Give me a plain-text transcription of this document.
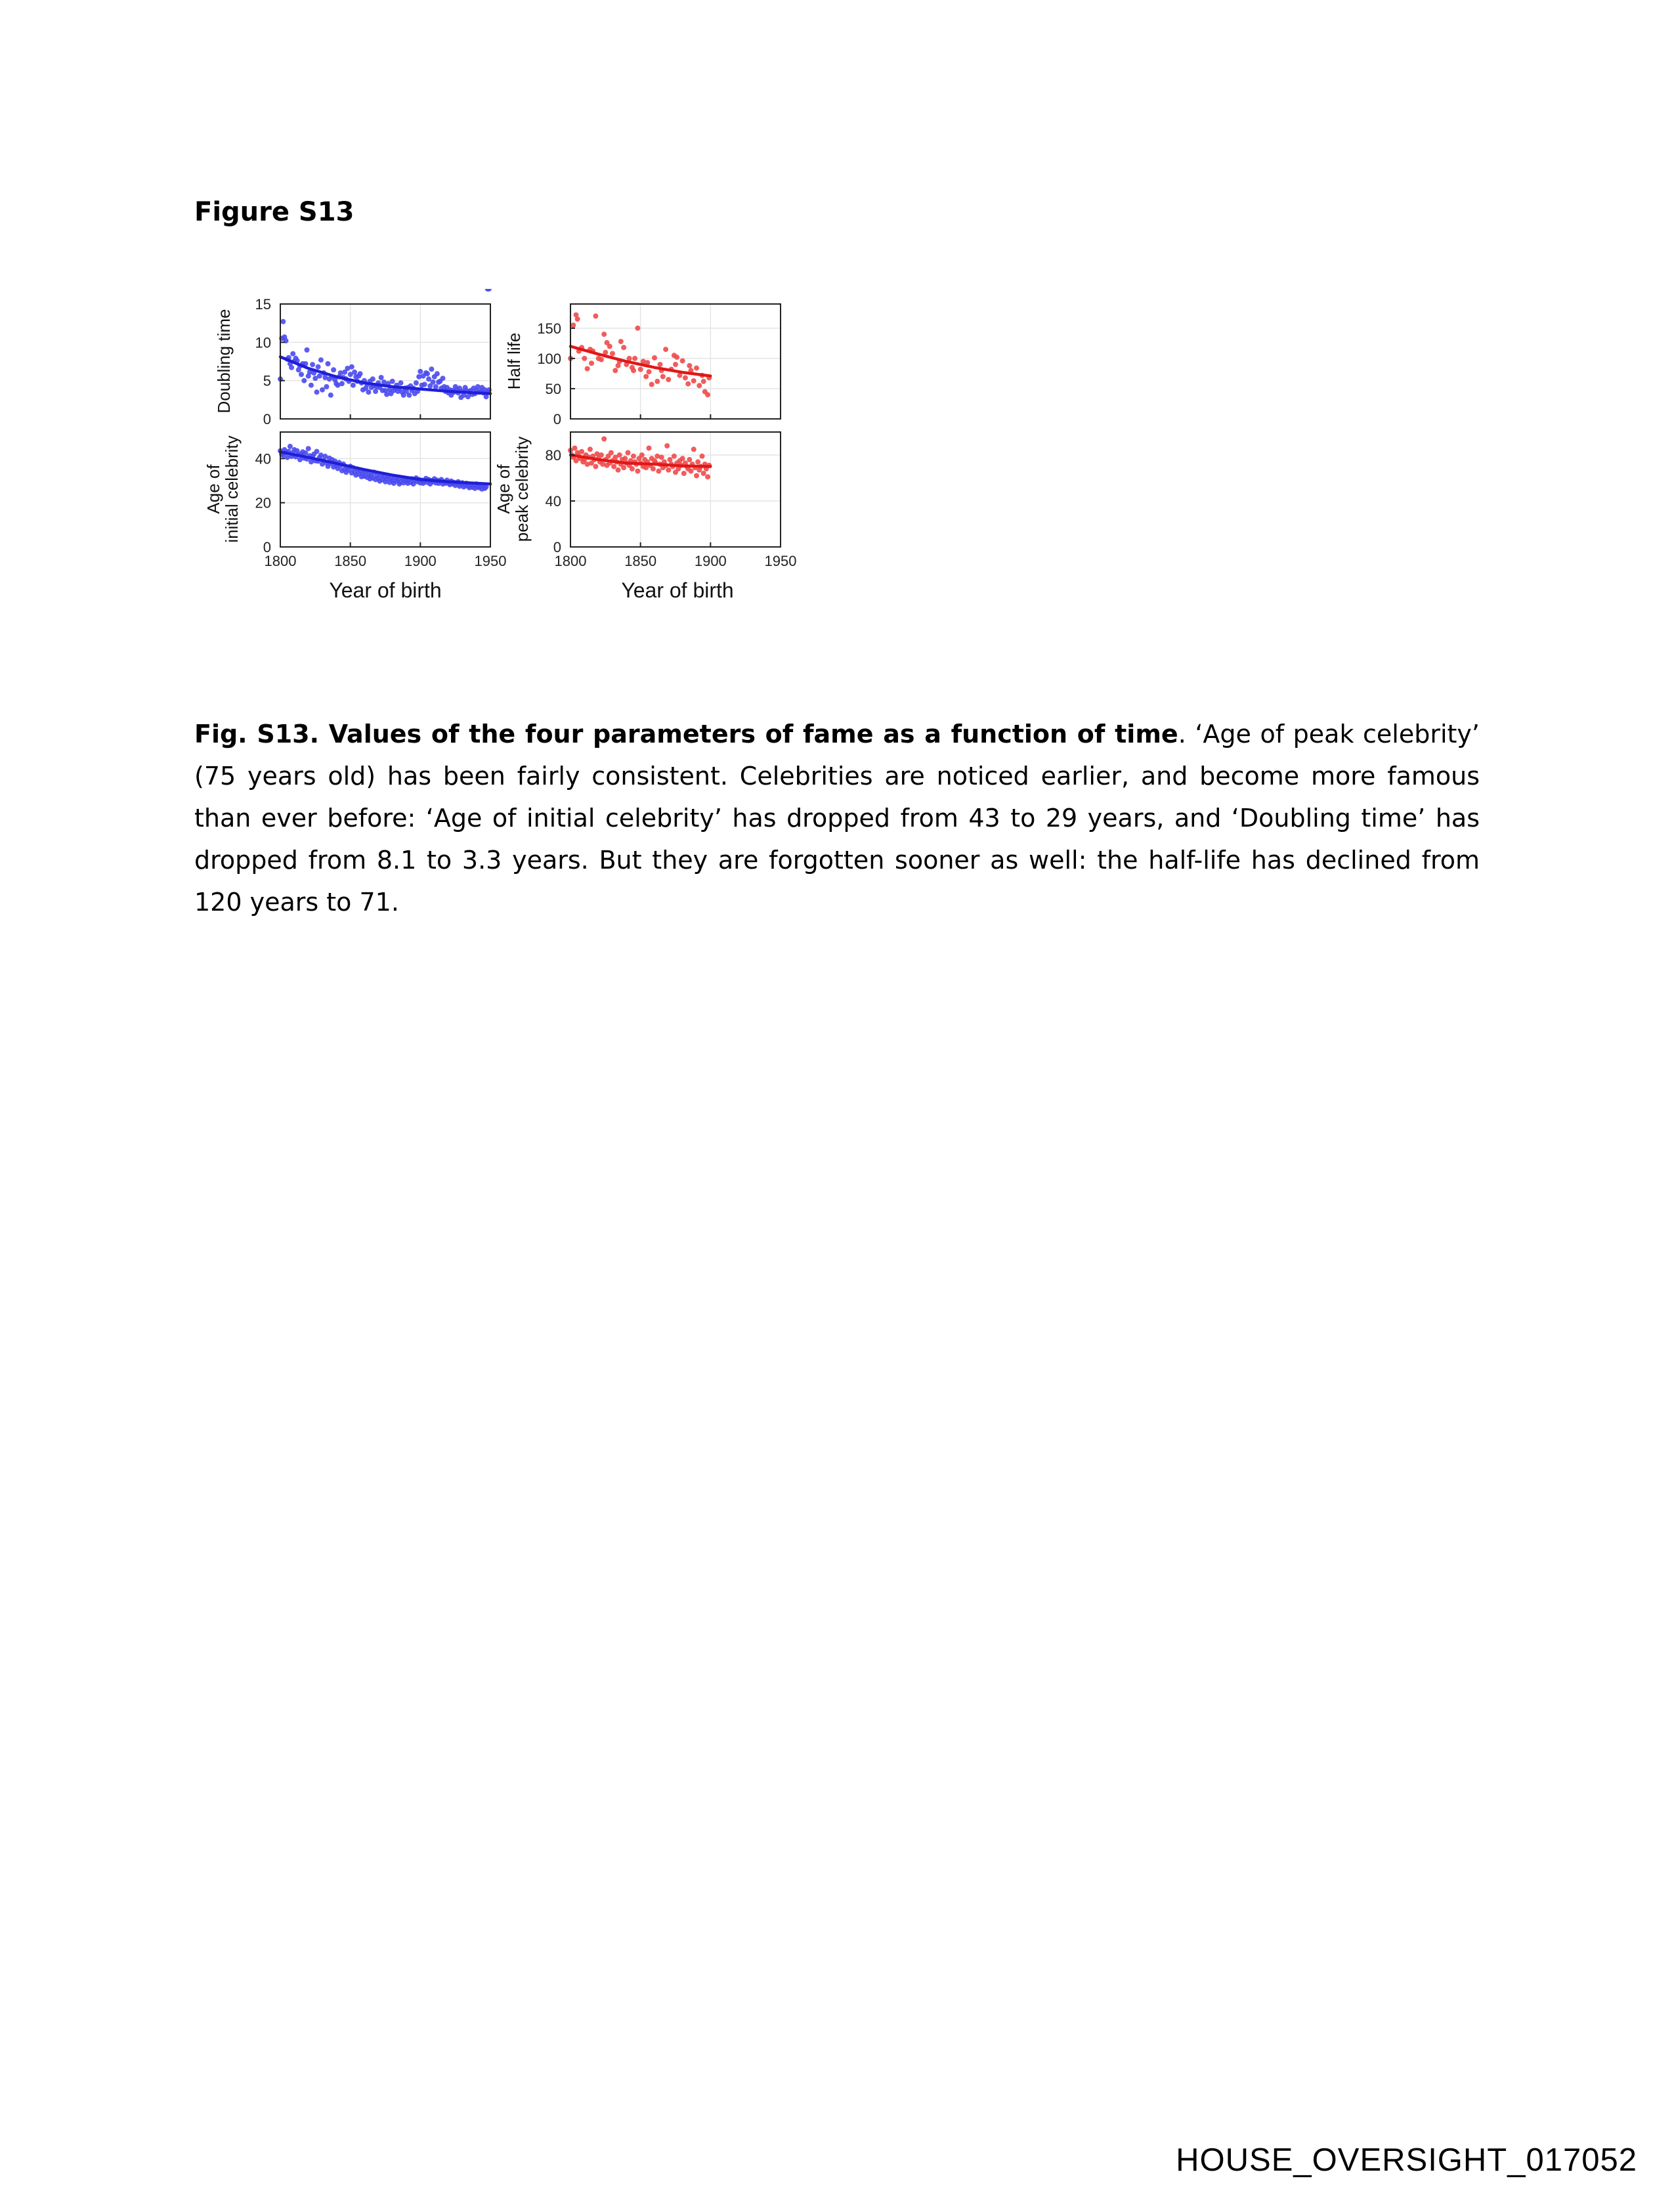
Figure S13
0
5
10
15
0
50
100
150
0
20
40
1800	1850	1900	1950
0
40
80
1800	1850	1900	1950
Doubling time	Half life
Age ofinitial celebrity	Age ofpeak celebrity
Year of birth	Year of birth

Fig. S13. Values of the four parameters of fame as a function of time. ‘Age of peak celebrity’ (75 years old) has been fairly consistent. Celebrities are noticed earlier, and become more famous than ever before: ‘Age of initial celebrity’ has dropped from 43 to 29 years, and ‘Doubling time’ has dropped from 8.1 to 3.3 years. But they are forgotten sooner as well: the half-life has declined from 120 years to 71.

HOUSE_OVERSIGHT_017052
